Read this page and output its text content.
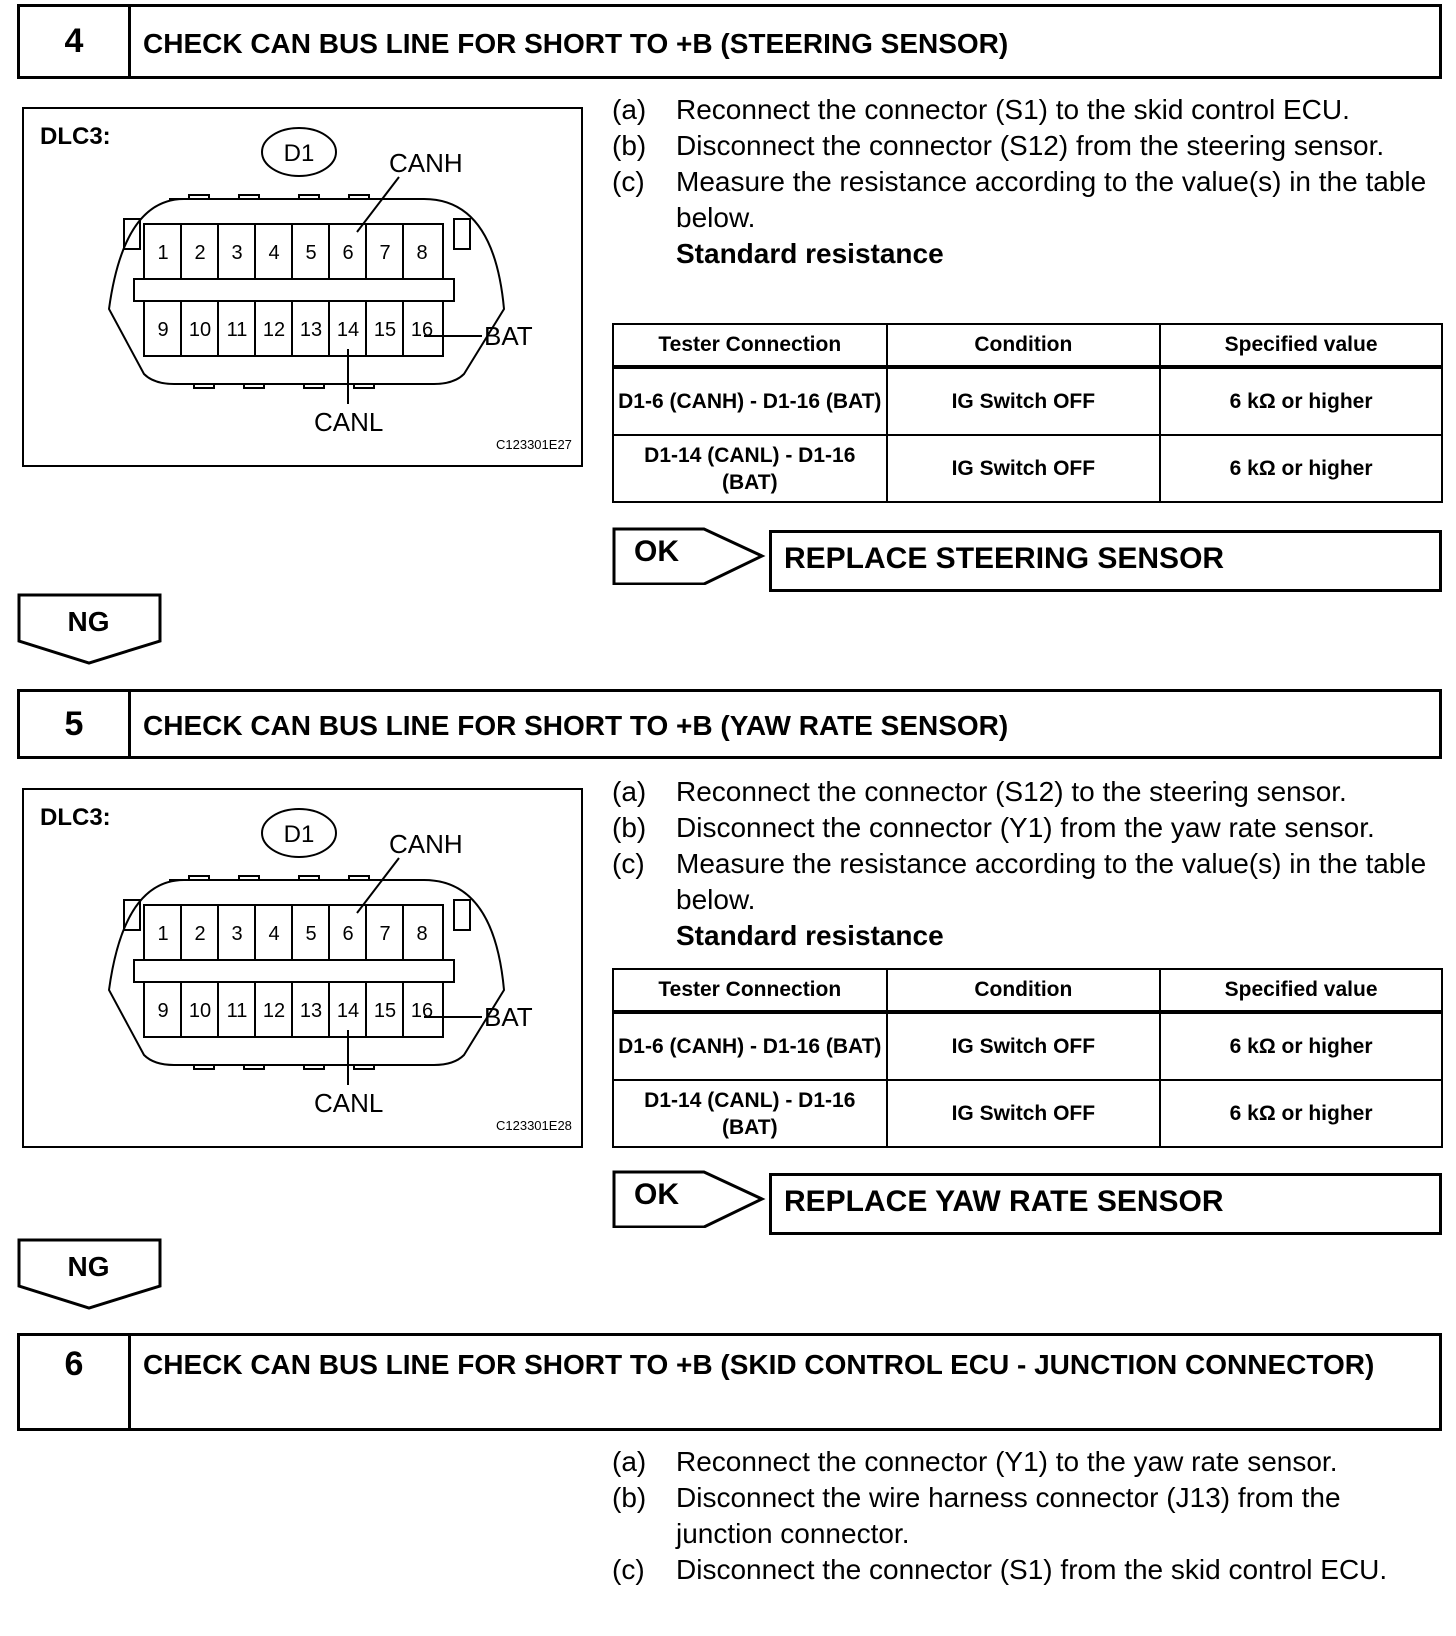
4	CHECK CAN BUS LINE FOR SHORT TO +B (STEERING SENSOR)
1 2 3 4 5 6 7 8
9 10 11 12 13 14 15 16
D1
DLC3:
CANH
CANL
BAT
C123301E27
(a)	Reconnect the connector (S1) to the skid control ECU.
(b)	Disconnect the connector (S12) from the steering sensor.
(c)	Measure the resistance according to the value(s) in the table below.
Standard resistance
Tester Connection	Condition	Specified value
D1-6 (CANH) - D1-16 (BAT)	IG Switch OFF	6 kΩ or higher
D1-14 (CANL) - D1-16 (BAT)	IG Switch OFF	6 kΩ or higher
OK	REPLACE STEERING SENSOR
NG
5	CHECK CAN BUS LINE FOR SHORT TO +B (YAW RATE SENSOR)
1 2 3 4 5 6 7 8
9 10 11 12 13 14 15 16
D1
DLC3:
CANH
CANL
BAT
C123301E28
(a)	Reconnect the connector (S12) to the steering sensor.
(b)	Disconnect the connector (Y1) from the yaw rate sensor.
(c)	Measure the resistance according to the value(s) in the table below.
Standard resistance
Tester Connection	Condition	Specified value
D1-6 (CANH) - D1-16 (BAT)	IG Switch OFF	6 kΩ or higher
D1-14 (CANL) - D1-16 (BAT)	IG Switch OFF	6 kΩ or higher
OK	REPLACE YAW RATE SENSOR
NG
6	CHECK CAN BUS LINE FOR SHORT TO +B (SKID CONTROL ECU - JUNCTION CONNECTOR)
(a)	Reconnect the connector (Y1) to the yaw rate sensor.
(b)	Disconnect the wire harness connector (J13) from the junction connector.
(c)	Disconnect the connector (S1) from the skid control ECU.
